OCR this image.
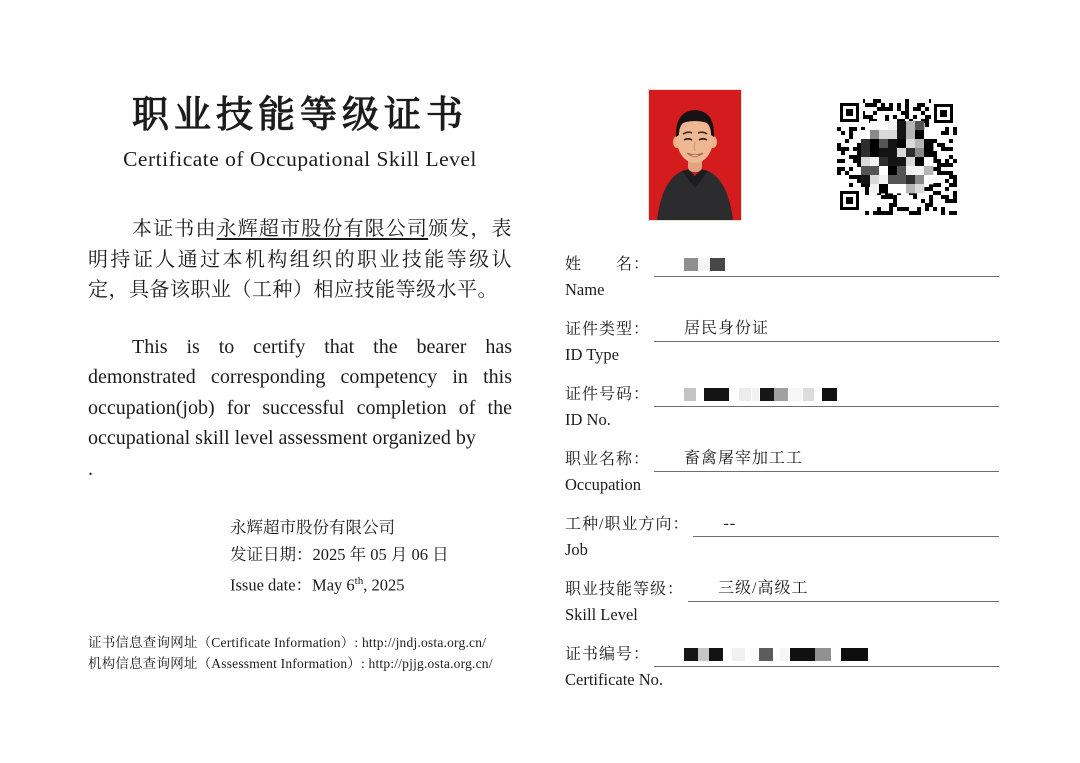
职业技能等级证书
Certificate of Occupational Skill Level
本证书由永辉超市股份有限公司颁发，表明持证人通过本机构组织的职业技能等级认定，具备该职业（工种）相应技能等级水平。
This is to certify that the bearer has demonstrated corresponding competency in this occupation(job) for successful completion of the occupational skill level assessment organized by
.
永辉超市股份有限公司
发证日期：2025 年 05 月 06 日
Issue date：May 6th, 2025
证书信息查询网址（Certificate Information）: http://jndj.osta.org.cn/
机构信息查询网址（Assessment Information）: http://pjjg.osta.org.cn/
姓　　名：
Name
证件类型： 居民身份证
ID Type
证件号码：
ID No.
职业名称： 畜禽屠宰加工工
Occupation
工种/职业方向： --
Job
职业技能等级： 三级/高级工
Skill Level
证书编号：
Certificate No.
